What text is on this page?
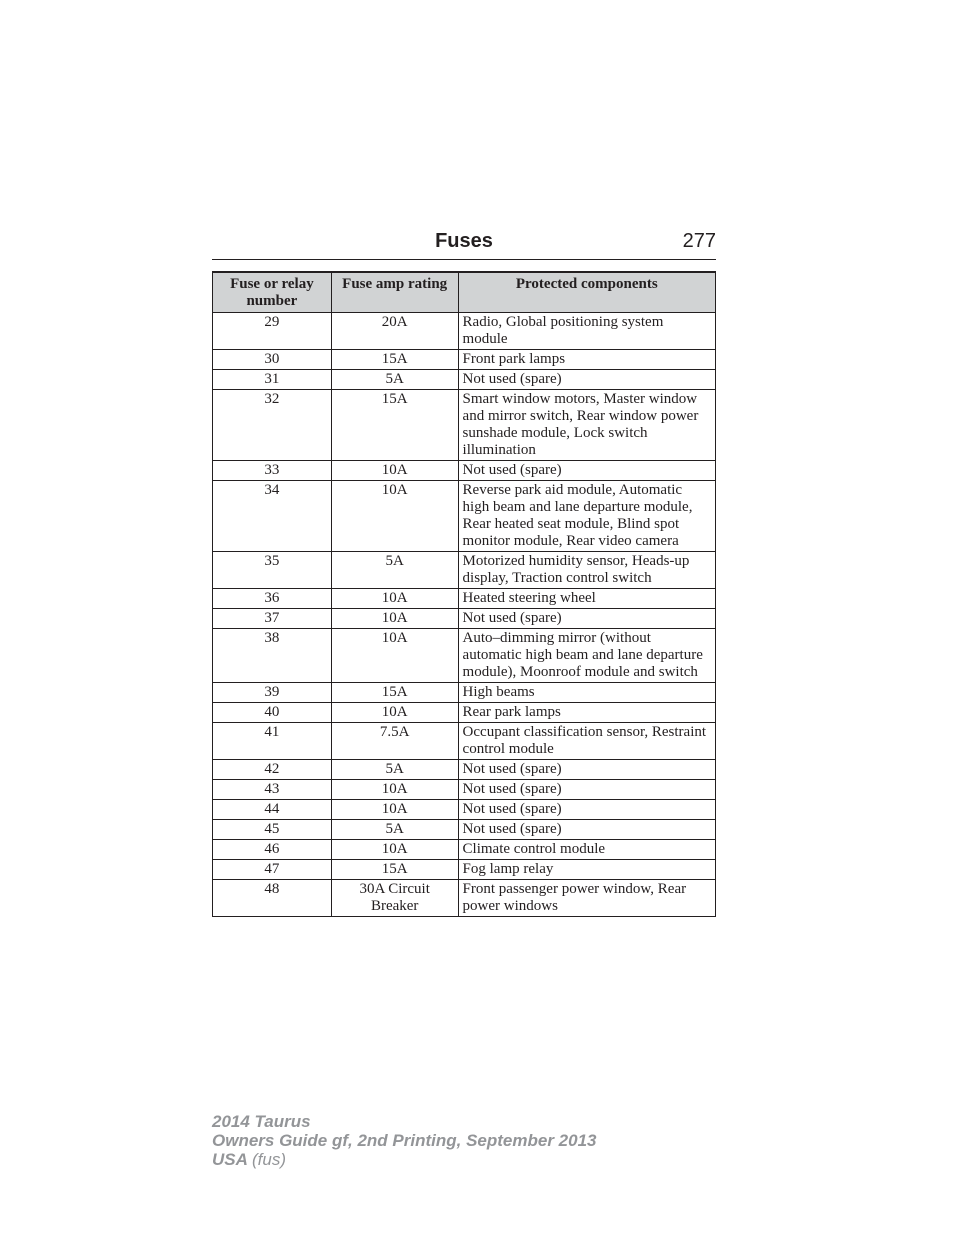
Fuses	277
Fuse or relay number	Fuse amp rating	Protected components
29	20A	Radio, Global positioning system module
30	15A	Front park lamps
31	5A	Not used (spare)
32	15A	Smart window motors, Master window and mirror switch, Rear window power sunshade module, Lock switch illumination
33	10A	Not used (spare)
34	10A	Reverse park aid module, Automatic high beam and lane departure module, Rear heated seat module, Blind spot monitor module, Rear video camera
35	5A	Motorized humidity sensor, Heads-up display, Traction control switch
36	10A	Heated steering wheel
37	10A	Not used (spare)
38	10A	Auto–dimming mirror (without automatic high beam and lane departure module), Moonroof module and switch
39	15A	High beams
40	10A	Rear park lamps
41	7.5A	Occupant classification sensor, Restraint control module
42	5A	Not used (spare)
43	10A	Not used (spare)
44	10A	Not used (spare)
45	5A	Not used (spare)
46	10A	Climate control module
47	15A	Fog lamp relay
48	30A Circuit Breaker	Front passenger power window, Rear power windows
2014 Taurus
Owners Guide gf, 2nd Printing, September 2013
USA (fus)
